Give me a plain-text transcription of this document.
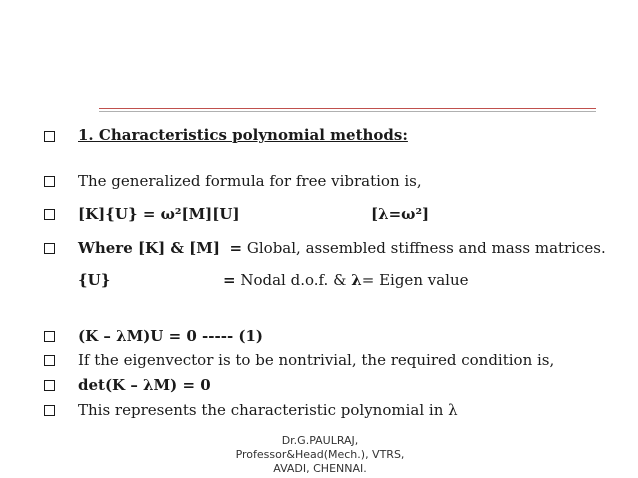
1. Characteristics polynomial methods:
The generalized formula for free vibration is,
[K]{U} = ω²[M][U]	[λ=ω²]
Where [K] & [M] = Global, assembled stiffness and mass matrices.
{U}	= Nodal d.o.f. & λ= Eigen value
(K – λM)U = 0 ----- (1)
If the eigenvector is to be nontrivial, the required condition is,
det(K – λM) = 0
This represents the characteristic polynomial in λ
Dr.G.PAULRAJ,
Professor&Head(Mech.), VTRS,
AVADI, CHENNAI.
